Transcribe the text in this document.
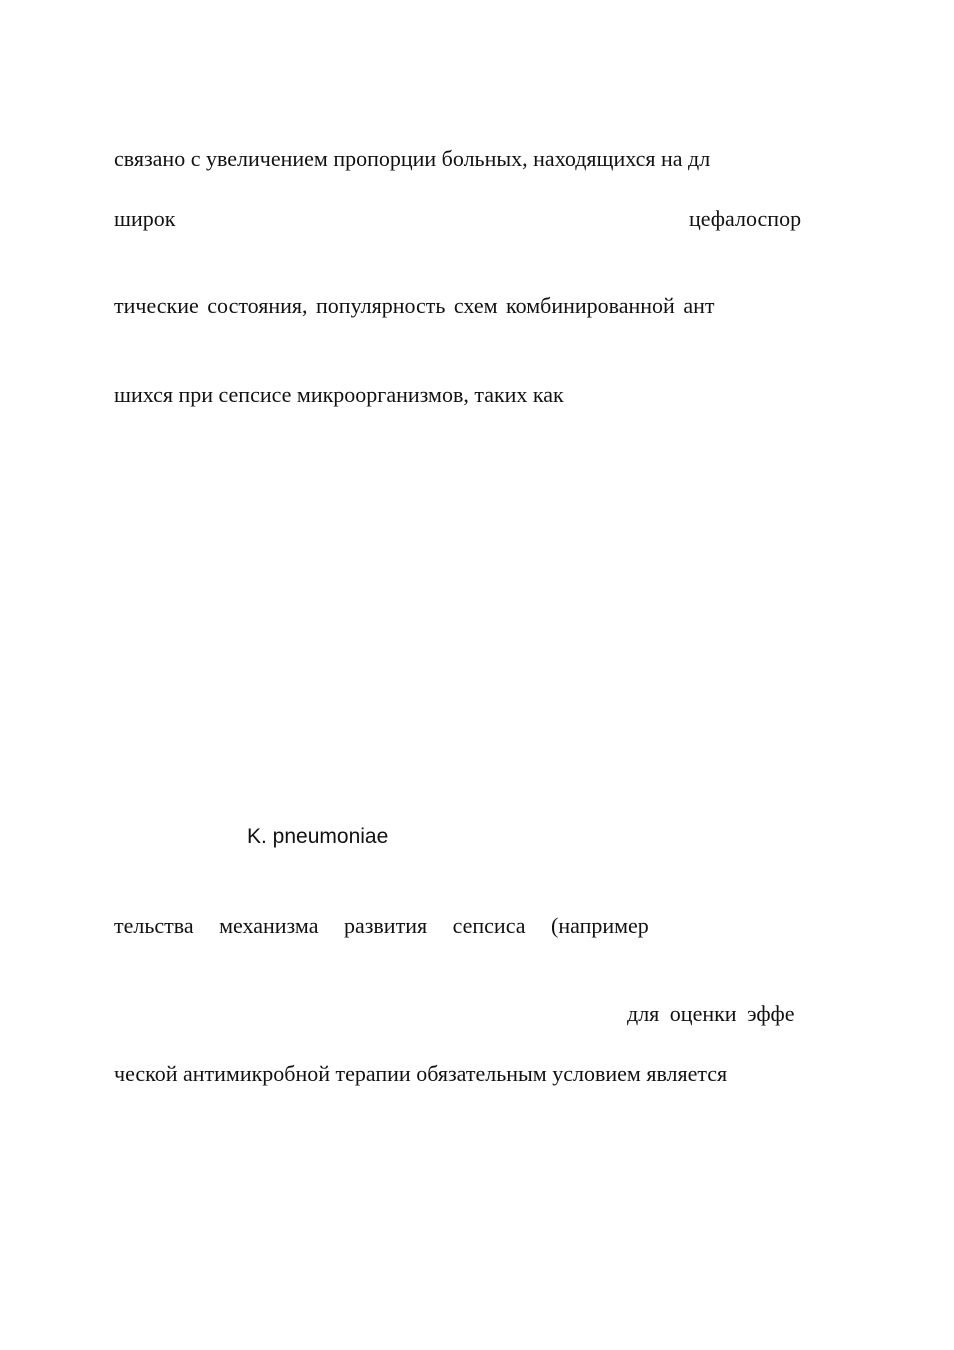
связано с увеличением пропорции больных, находящихся на дл
широк	цефалоспор
тические состояния, популярность схем комбинированной ант
шихся при сепсисе микроорганизмов, таких как
K. pneumoniae
тельства механизма развития сепсиса (например
для оценки эффе
ческой антимикробной терапии обязательным условием является
